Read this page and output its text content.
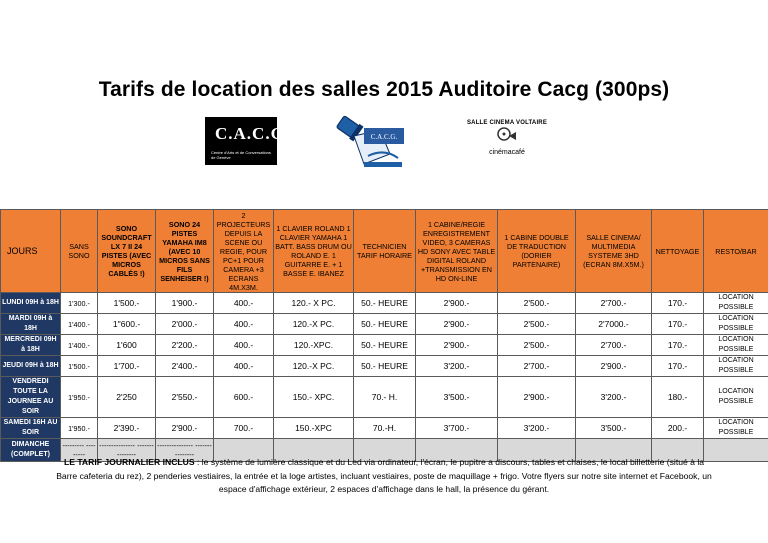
Tarifs de location des salles 2015 Auditoire Cacg (300ps)
C.A.C.G.
Centre d'Arts et de Conversations de Genève
C.A.C.G.
SALLE CINEMA VOLTAIRE
cinémacafé
JOURS	SANS SONO	SONO SOUNDCRAFT LX 7 II 24 PISTES (AVEC MICROS CABLÉS !)	SONO 24 PISTES YAMAHA IM8 (AVEC 10 MICROS SANS FILS SENHEISER !)	2 PROJECTEURS DEPUIS LA SCENE OU REGIE, POUR PC+1 POUR CAMERA +3 ECRANS 4M.X3M.	1 CLAVIER ROLAND 1 CLAVIER YAMAHA 1 BATT. BASS DRUM OU ROLAND E. 1 GUITARRE E. + 1 BASSE E. IBANEZ	TECHNICIEN TARIF HORAIRE	1 CABINE/REGIE ENREGISTREMENT VIDEO, 3 CAMERAS HD SONY AVEC TABLE DIGITAL ROLAND +TRANSMISSION EN HD ON-LINE	1 CABINE DOUBLE DE TRADUCTION (DORIER PARTENAIRE)	SALLE CINEMA/ MULTIMEDIA SYSTEME 3HD (ECRAN 8M.X5M.)	NETTOYAGE	RESTO/BAR
LUNDI 09H à 18H	1'300.-	1'500.-	1'900.-	400.-	120.- X PC.	50.- HEURE	2'900.-	2'500.-	2'700.-	170.-	LOCATION POSSIBLE
MARDI 09H à 18H	1'400.-	1''600.-	2'000.-	400.-	120.-X PC.	50.- HEURE	2'900.-	2'500.-	2'7000.-	170.-	LOCATION POSSIBLE
MERCREDI 09H à 18H	1'400.-	1'600	2'200.-	400.-	120.-XPC.	50.- HEURE	2'900.-	2'500.-	2'700.-	170.-	LOCATION POSSIBLE
JEUDI 09H à 18H	1'500.-	1'700.-	2'400.-	400.-	120.-X PC.	50.- HEURE	3'200.-	2'700.-	2'900.-	170.-	LOCATION POSSIBLE
VENDREDI TOUTE LA JOURNEE AU SOIR	1'950.-	2'250	2'550.-	600.-	150.- XPC.	70.- H.	3'500.-	2'900.-	3'200.-	180.-	LOCATION POSSIBLE
SAMEDI 16H AU SOIR	1'950.-	2'390.-	2'900.-	700.-	150.-XPC	70.-H.	3'700.-	3'200.-	3'500.-	200.-	LOCATION POSSIBLE
DIMANCHE (COMPLET)	--------- ---------	--------------- ---------------	--------------- ---------------								
LE TARIF JOURNALIER INCLUS : le système de lumière classique et du Led via ordinateur, l'écran, le pupitre a discours, tables et chaises, le local billetterie (situé à la Barre cafeteria du rez), 2 penderies vestiaires, la entrée et la loge artistes, incluant vestiaires, poste de maquillage + frigo. Votre flyers sur notre site internet et Facebook, un espace d'affichage extérieur, 2 espaces d'affichage dans le hall, la présence du gérant.
